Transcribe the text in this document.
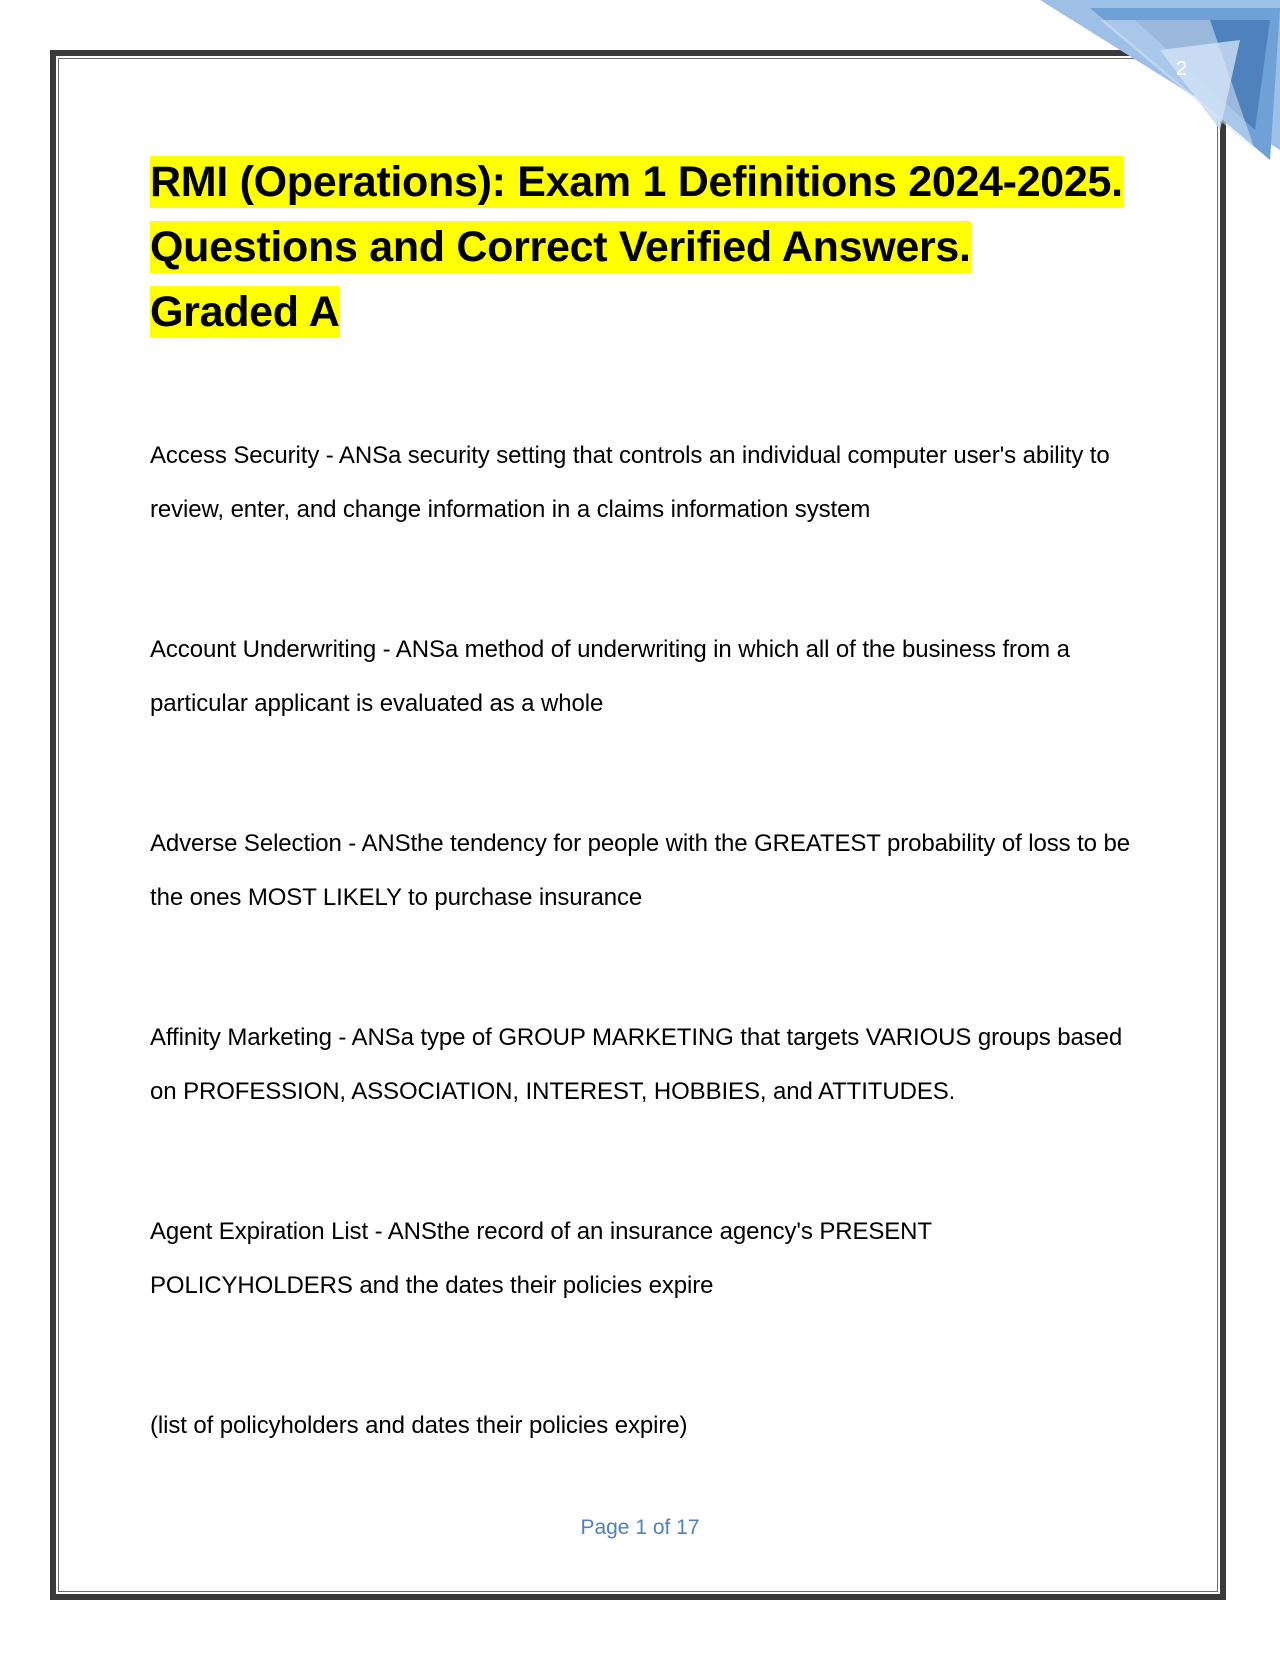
2
RMI (Operations): Exam 1 Definitions 2024-2025. Questions and Correct Verified Answers. Graded A

Access Security - ANSa security setting that controls an individual computer user's ability to review, enter, and change information in a claims information system

Account Underwriting - ANSa method of underwriting in which all of the business from a particular applicant is evaluated as a whole

Adverse Selection - ANSthe tendency for people with the GREATEST probability of loss to be the ones MOST LIKELY to purchase insurance

Affinity Marketing - ANSa type of GROUP MARKETING that targets VARIOUS groups based on PROFESSION, ASSOCIATION, INTEREST, HOBBIES, and ATTITUDES.

Agent Expiration List - ANSthe record of an insurance agency's PRESENT POLICYHOLDERS and the dates their policies expire

(list of policyholders and dates their policies expire)

Page 1 of 17
